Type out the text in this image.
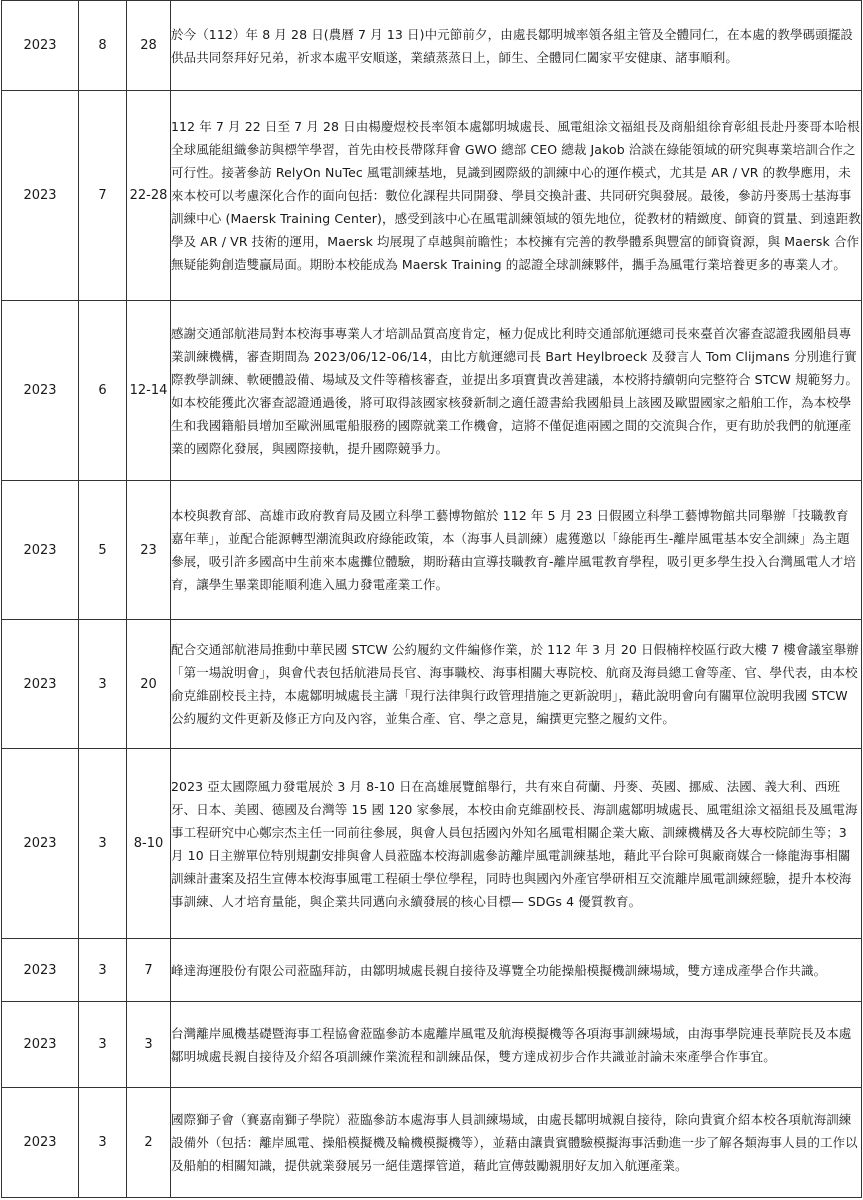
2023	8	28	於今（112）年 8 月 28 日(農曆 7 月 13 日)中元節前夕，由處長鄒明城率領各組主管及全體同仁，在本處的教學碼頭擺設供品共同祭拜好兄弟，祈求本處平安順遂，業績蒸蒸日上，師生、全體同仁闔家平安健康、諸事順利。
2023	7	22-28	112 年 7 月 22 日至 7 月 28 日由楊慶煜校長率領本處鄒明城處長、風電組涂文福組長及商船組徐育彰組長赴丹麥哥本哈根全球風能組織參訪與標竿學習，首先由校長帶隊拜會 GWO 總部 CEO 總裁 Jakob 洽談在綠能領域的研究與專業培訓合作之可行性。接著參訪 RelyOn NuTec 風電訓練基地，見識到國際級的訓練中心的運作模式，尤其是 AR / VR 的教學應用，未來本校可以考慮深化合作的面向包括：數位化課程共同開發、學員交換計畫、共同研究與發展。最後，參訪丹麥馬士基海事訓練中心 (Maersk Training Center)，感受到該中心在風電訓練領域的領先地位，從教材的精緻度、師資的質量、到遠距教學及 AR / VR 技術的運用，Maersk 均展現了卓越與前瞻性；本校擁有完善的教學體系與豐富的師資資源，與 Maersk 合作無疑能夠創造雙贏局面。期盼本校能成為 Maersk Training 的認證全球訓練夥伴，攜手為風電行業培養更多的專業人才。
2023	6	12-14	感謝交通部航港局對本校海事專業人才培訓品質高度肯定，極力促成比利時交通部航運總司長來臺首次審查認證我國船員專業訓練機構，審查期間為 2023/06/12-06/14，由比方航運總司長 Bart Heylbroeck 及發言人 Tom Clijmans 分別進行實際教學訓練、軟硬體設備、場域及文件等稽核審查，並提出多項寶貴改善建議，本校將持續朝向完整符合 STCW 規範努力。如本校能獲此次審查認證通過後，將可取得該國家核發新制之適任證書給我國船員上該國及歐盟國家之船舶工作，為本校學生和我國籍船員增加至歐洲風電船服務的國際就業工作機會，這將不僅促進兩國之間的交流與合作，更有助於我們的航運產業的國際化發展，與國際接軌，提升國際競爭力。
2023	5	23	本校與教育部、高雄市政府教育局及國立科學工藝博物館於 112 年 5 月 23 日假國立科學工藝博物館共同舉辦「技職教育嘉年華」，並配合能源轉型潮流與政府綠能政策，本（海事人員訓練）處獲邀以「綠能再生-離岸風電基本安全訓練」為主題參展，吸引許多國高中生前來本處攤位體驗，期盼藉由宣導技職教育-離岸風電教育學程，吸引更多學生投入台灣風電人才培育，讓學生畢業即能順利進入風力發電產業工作。
2023	3	20	配合交通部航港局推動中華民國 STCW 公約履約文件編修作業，於 112 年 3 月 20 日假楠梓校區行政大樓 7 樓會議室舉辦「第一場說明會」，與會代表包括航港局長官、海事職校、海事相關大專院校、航商及海員總工會等產、官、學代表，由本校俞克維副校長主持，本處鄒明城處長主講「現行法律與行政管理措施之更新說明」，藉此說明會向有關單位說明我國 STCW 公約履約文件更新及修正方向及內容，並集合產、官、學之意見，編撰更完整之履約文件。
2023	3	8-10	2023 亞太國際風力發電展於 3 月 8-10 日在高雄展覽館舉行，共有來自荷蘭、丹麥、英國、挪威、法國、義大利、西班牙、日本、美國、德國及台灣等 15 國 120 家參展，本校由俞克維副校長、海訓處鄒明城處長、風電組涂文福組長及風電海事工程研究中心鄭宗杰主任一同前往參展，與會人員包括國內外知名風電相關企業大廠、訓練機構及各大專校院師生等；3 月 10 日主辦單位特別規劃安排與會人員蒞臨本校海訓處參訪離岸風電訓練基地，藉此平台除可與廠商媒合一條龍海事相關訓練計畫案及招生宣傳本校海事風電工程碩士學位學程，同時也與國內外產官學研相互交流離岸風電訓練經驗，提升本校海事訓練、人才培育量能，與企業共同邁向永續發展的核心目標— SDGs 4 優質教育。
2023	3	7	峰達海運股份有限公司蒞臨拜訪，由鄒明城處長親自接待及導覽全功能操船模擬機訓練場域，雙方達成產學合作共識。
2023	3	3	台灣離岸風機基礎暨海事工程協會蒞臨參訪本處離岸風電及航海模擬機等各項海事訓練場域，由海事學院連長華院長及本處鄒明城處長親自接待及介紹各項訓練作業流程和訓練品保，雙方達成初步合作共識並討論未來產學合作事宜。
2023	3	2	國際獅子會（賽嘉南獅子學院）蒞臨參訪本處海事人員訓練場域，由處長鄒明城親自接待，除向貴賓介紹本校各項航海訓練設備外（包括：離岸風電、操船模擬機及輪機模擬機等），並藉由讓貴賓體驗模擬海事活動進一步了解各類海事人員的工作以及船舶的相關知識，提供就業發展另一絕佳選擇管道，藉此宣傳鼓勵親朋好友加入航運產業。
